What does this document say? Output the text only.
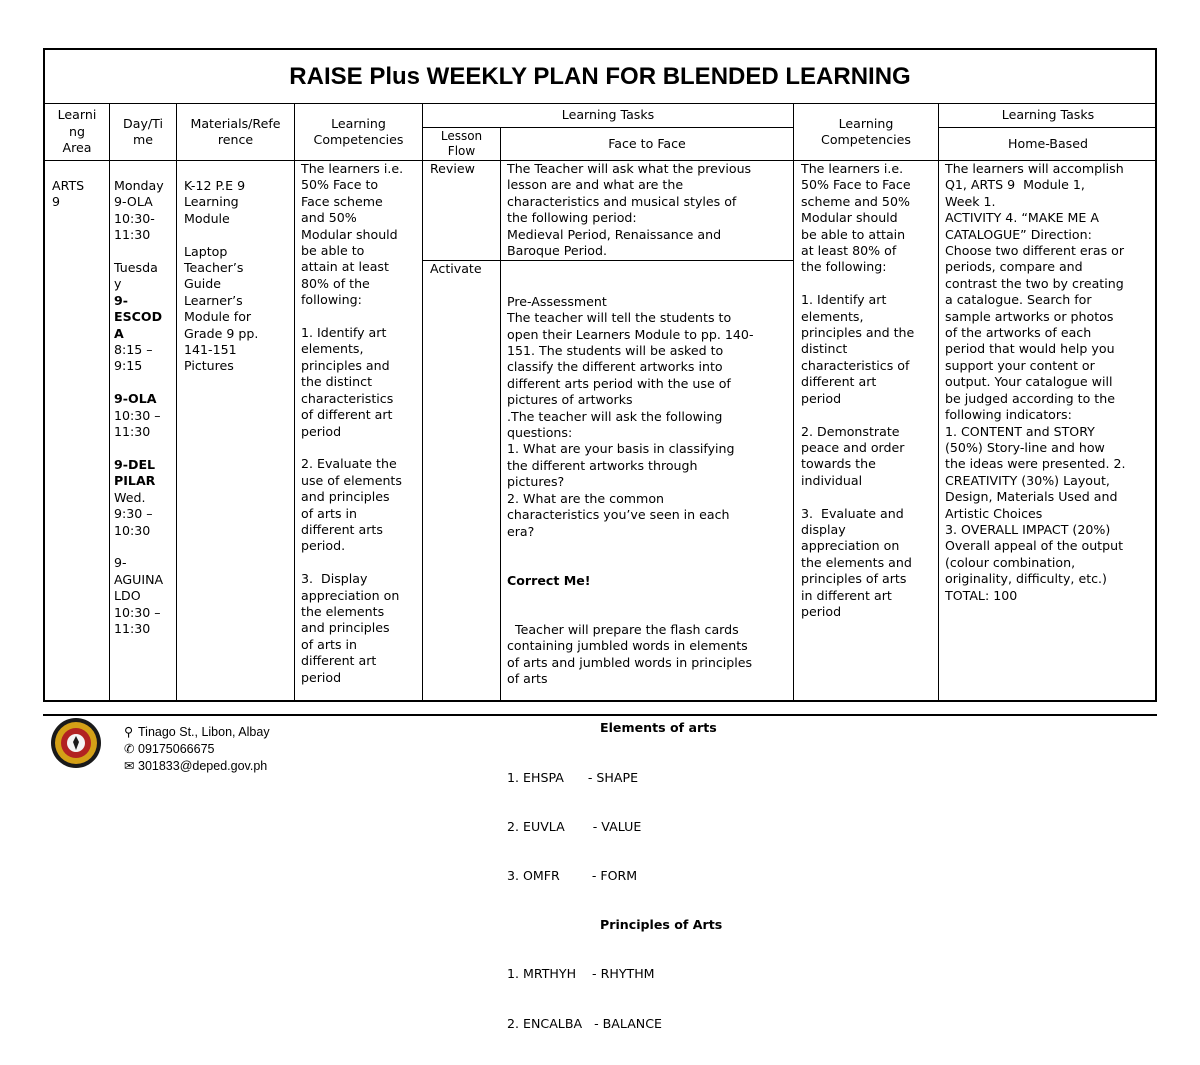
RAISE Plus WEEKLY PLAN FOR BLENDED LEARNING
Learni
ng
Area
Day/Ti
me
Materials/Refe
rence
Learning
Competencies
Learning Tasks
Lesson
Flow
Face to Face
Learning
Competencies
Learning Tasks
Home-Based
ARTS
9
Monday
9-OLA
10:30-
11:30

Tuesda
y
9-
ESCOD
A
8:15 –
9:15

9-OLA
10:30 –
11:30

9-DEL
PILAR
Wed.
9:30 –
10:30

9-
AGUINA
LDO
10:30 –
11:30
K-12 P.E 9
Learning
Module

Laptop
Teacher’s
Guide
Learner’s
Module for
Grade 9 pp.
141-151
Pictures
The learners i.e.
50% Face to
Face scheme
and 50%
Modular should
be able to
attain at least
80% of the
following:

1. Identify art
elements,
principles and
the distinct
characteristics
of different art
period

2. Evaluate the
use of elements
and principles
of arts in
different arts
period.

3.  Display
appreciation on
the elements
and principles
of arts in
different art
period
Review	The Teacher will ask what the previous
lesson are and what are the
characteristics and musical styles of
the following period:
Medieval Period, Renaissance and
Baroque Period.
Activate

Pre-Assessment
The teacher will tell the students to
open their Learners Module to pp. 140-
151. The students will be asked to
classify the different artworks into
different arts period with the use of
pictures of artworks
.The teacher will ask the following
questions:
1. What are your basis in classifying
the different artworks through
pictures?
2. What are the common
characteristics you’ve seen in each
era?

Correct Me!

Teacher will prepare the flash cards
containing jumbled words in elements
of arts and jumbled words in principles
of arts

Elements of arts

1. EHSPA      - SHAPE

2. EUVLA       - VALUE

3. OMFR        - FORM

Principles of Arts

1. MRTHYH    - RHYTHM

2. ENCALBA   - BALANCE

The learners i.e.
50% Face to Face
scheme and 50%
Modular should
be able to attain
at least 80% of
the following:

1. Identify art
elements,
principles and the
distinct
characteristics of
different art
period

2. Demonstrate
peace and order
towards the
individual

3.  Evaluate and
display
appreciation on
the elements and
principles of arts
in different art
period
The learners will accomplish
Q1, ARTS 9  Module 1,
Week 1.
ACTIVITY 4. “MAKE ME A
CATALOGUE” Direction:
Choose two different eras or
periods, compare and
contrast the two by creating
a catalogue. Search for
sample artworks or photos
of the artworks of each
period that would help you
support your content or
output. Your catalogue will
be judged according to the
following indicators:
1. CONTENT and STORY
(50%) Story-line and how
the ideas were presented. 2.
CREATIVITY (30%) Layout,
Design, Materials Used and
Artistic Choices
3. OVERALL IMPACT (20%)
Overall appeal of the output
(colour combination,
originality, difficulty, etc.)
TOTAL: 100
⚲ Tinago St., Libon, Albay
✆ 09175066675
✉ 301833@deped.gov.ph
